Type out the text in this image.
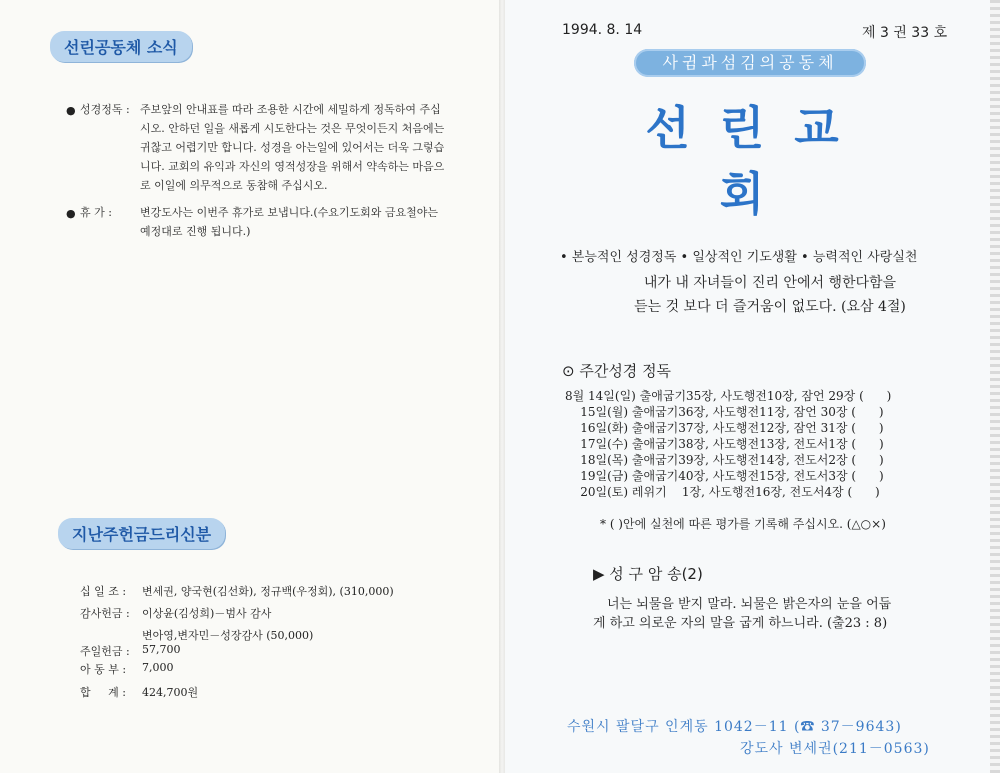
선린공동체 소식
● 성경정독 : 주보앞의 안내표를 따라 조용한 시간에 세밀하게 정독하여 주십
시오. 안하던 일을 새롭게 시도한다는 것은 무엇이든지 처음에는
귀찮고 어렵기만 합니다. 성경을 아는일에 있어서는 더욱 그렇습
니다. 교회의 유익과 자신의 영적성장을 위해서 약속하는 마음으
로 이일에 의무적으로 동참해 주십시오.
● 휴 가 :	변강도사는 이번주 휴가로 보냅니다.(수요기도회와 금요철야는
예정대로 진행 됩니다.)
지난주헌금드리신분
십 일 조 : 변세권, 양국현(김선화), 정규백(우정회), (310,000)
감사헌금 : 이상윤(김성희)－범사 감사
변아영,변자민－성장감사 (50,000)
주일헌금 : 57,700
아 동 부 : 7,000
합     계 : 424,700원
1994. 8. 14	제 3 권 33 호
사귐과섬김의공동체
선린교회
• 본능적인 성경정독 • 일상적인 기도생활 • 능력적인 사랑실천
내가 내 자녀들이 진리 안에서 행한다함을
듣는 것 보다 더 즐거움이 없도다. (요삼 4절)
⊙ 주간성경 정독
8월 14일(일) 출애굽기35장, 사도행전10장, 잠언 29장 (      )
15일(월) 출애굽기36장, 사도행전11장, 잠언 30장 (      )
16일(화) 출애굽기37장, 사도행전12장, 잠언 31장 (      )
17일(수) 출애굽기38장, 사도행전13장, 전도서1장 (      )
18일(목) 출애굽기39장, 사도행전14장, 전도서2장 (      )
19일(금) 출애굽기40장, 사도행전15장, 전도서3장 (      )
20일(토) 레위기    1장, 사도행전16장, 전도서4장 (      )
* ( )안에 실천에 따른 평가를 기록해 주십시오. (△○×)
▶ 성 구 암 송(2)
너는 뇌물을 받지 말라. 뇌물은 밝은자의 눈을 어둡
게 하고 의로운 자의 말을 굽게 하느니라. (출23 : 8)
수원시 팔달구 인계동 1042－11 (☎ 37－9643)
강도사 변세권(211－0563)
